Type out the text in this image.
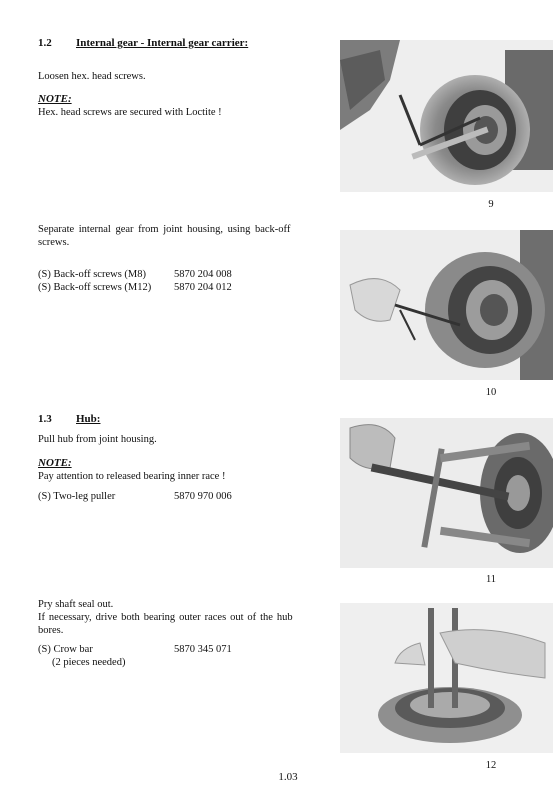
1.2 Internal gear - Internal gear carrier:
Loosen hex. head screws.
NOTE:
Hex. head screws are secured with Loctite !
Separate internal gear from joint housing, using back-off
screws.
(S) Back-off screws (M8)	5870 204 008
(S) Back-off screws (M12) 5870 204 012
1.3 Hub:
Pull hub from joint housing.
NOTE:
Pay attention to released bearing inner race !
(S) Two-leg puller	5870 970 006
Pry shaft seal out.
If necessary, drive both bearing outer races out of the hub
bores.
(S) Crow bar	5870 345 071
(2 pieces needed)
9
10
11
12
1.03
